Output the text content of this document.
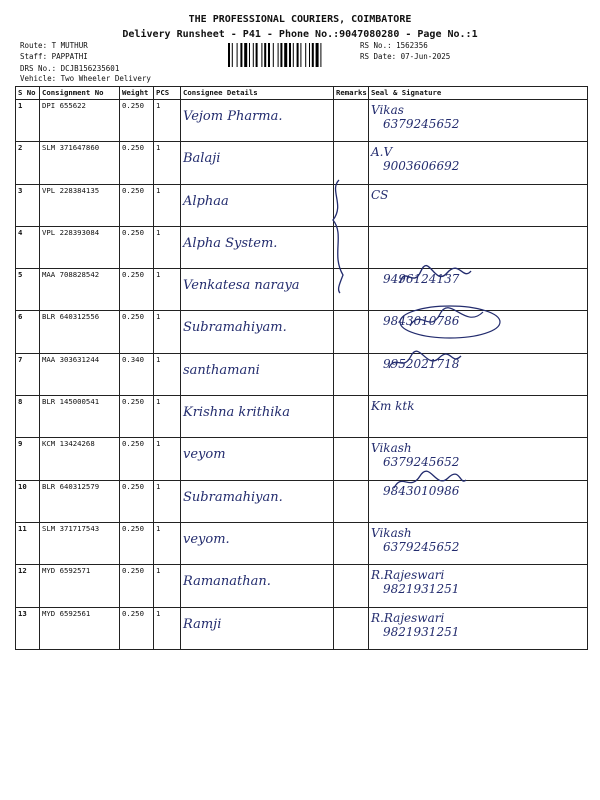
THE PROFESSIONAL COURIERS, COIMBATORE
Delivery Runsheet - P41 - Phone No.:9047080280 - Page No.:1
Route: T MUTHUR
Staff: PAPPATHI
DRS No.: DCJB156235601
Vehicle: Two Wheeler Delivery
RS No.: 1562356
RS Date: 07-Jun-2025
S No	Consignment No	Weight	PCS	Consignee Details	Remarks	Seal & Signature
1	DPI 655622	0.250	1	Vejom Pharma.		Vikas
6379245652

2	SLM 371647860	0.250	1	Balaji		A.V
9003606692

3	VPL 228384135	0.250	1	Alphaa		CS

4	VPL 228393084	0.250	1	Alpha System.		

5	MAA 708828542	0.250	1	Venkatesa naraya		9496124137

6	BLR 640312556	0.250	1	Subramahiyam.		9843010786

7	MAA 303631244	0.340	1	santhamani		9952021718

8	BLR 145000541	0.250	1	Krishna krithika		Km ktk

9	KCM 13424268	0.250	1	veyom		Vikash
6379245652

10	BLR 640312579	0.250	1	Subramahiyan.		9843010986

11	SLM 371717543	0.250	1	veyom.		Vikash
6379245652

12	MYD 6592571	0.250	1	Ramanathan.		R.Rajeswari
9821931251

13	MYD 6592561	0.250	1	Ramji		R.Rajeswari
9821931251
